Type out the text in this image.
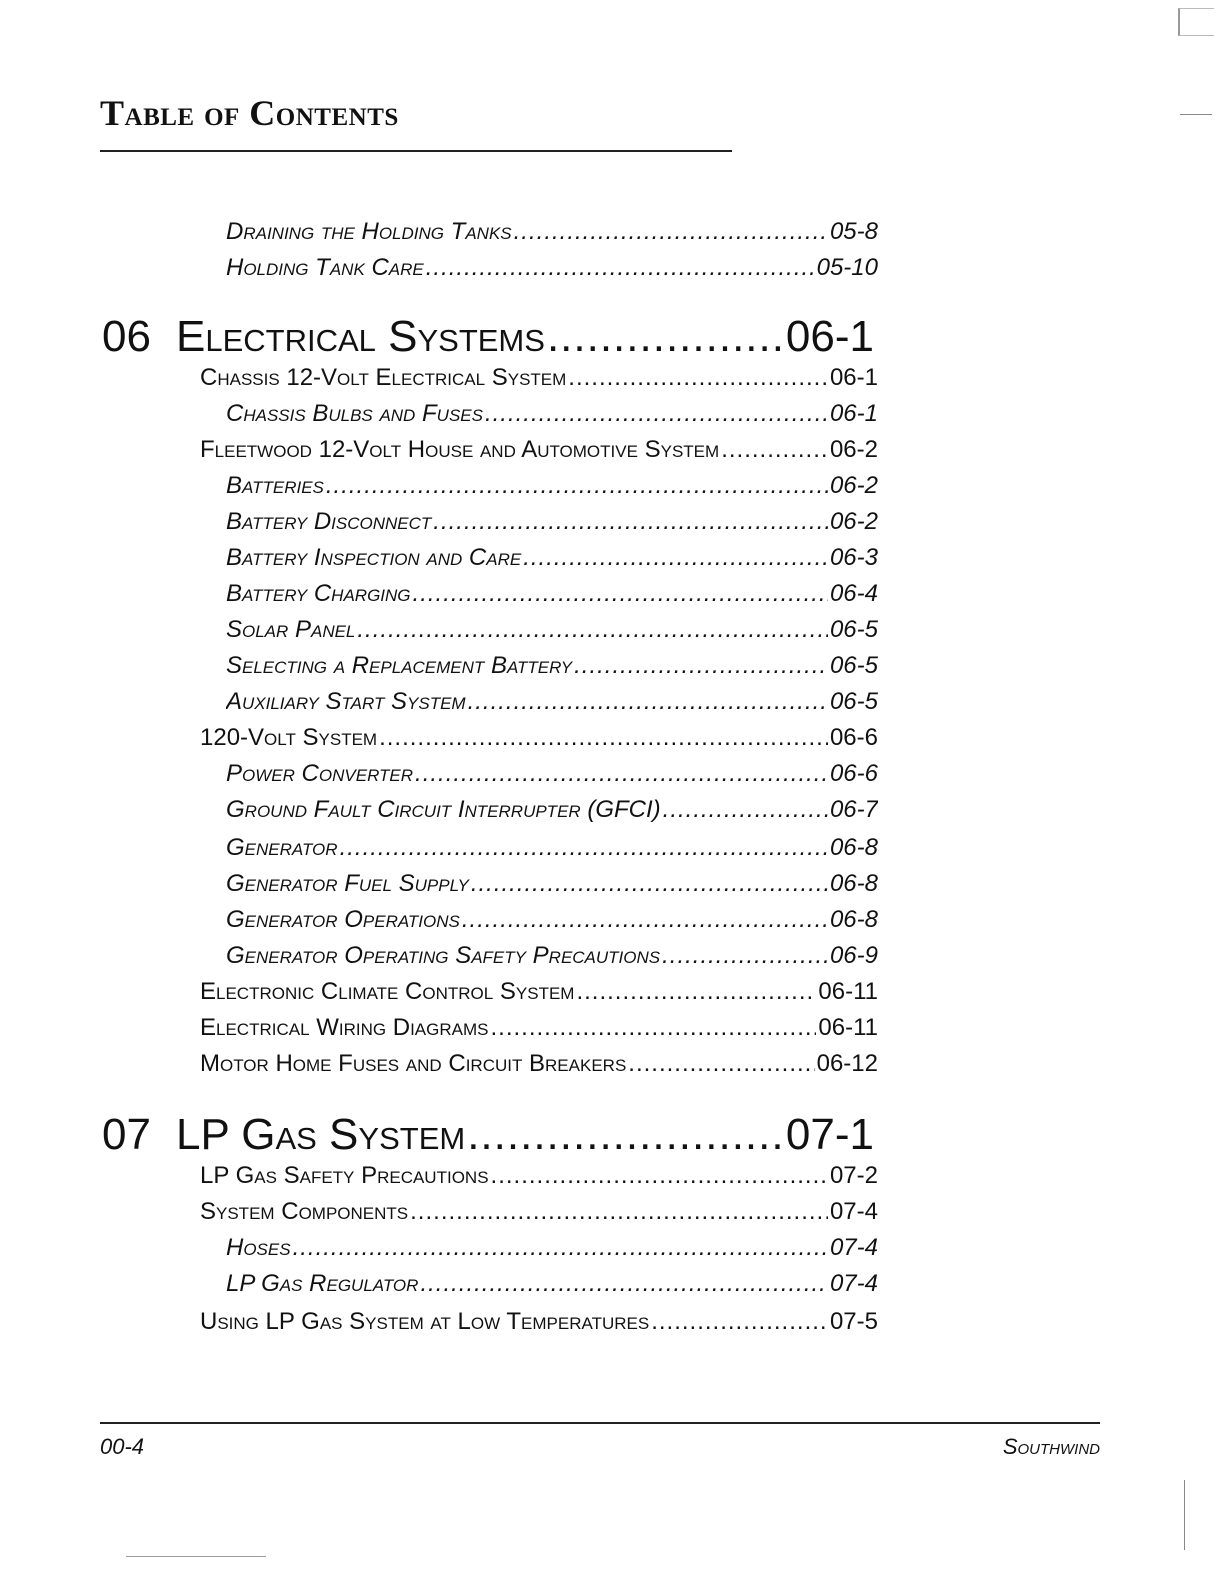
Table of Contents
Draining the Holding Tanks .....	05-8
Holding Tank Care .....	05-10
06 Electrical Systems .....	06-1
Chassis 12-Volt Electrical System .....	06-1
Chassis Bulbs and Fuses .....	06-1
Fleetwood 12-Volt House and Automotive System .....	06-2
Batteries .....	06-2
Battery Disconnect .....	06-2
Battery Inspection and Care .....	06-3
Battery Charging .....	06-4
Solar Panel .....	06-5
Selecting a Replacement Battery .....	06-5
Auxiliary Start System .....	06-5
120-Volt System .....	06-6
Power Converter .....	06-6
Ground Fault Circuit Interrupter (GFCI) .....	06-7
Generator .....	06-8
Generator Fuel Supply .....	06-8
Generator Operations .....	06-8
Generator Operating Safety Precautions .....	06-9
Electronic Climate Control System .....	06-11
Electrical Wiring Diagrams .....	06-11
Motor Home Fuses and Circuit Breakers .....	06-12
07 LP Gas System .....	07-1
LP Gas Safety Precautions .....	07-2
System Components .....	07-4
Hoses .....	07-4
LP Gas Regulator .....	07-4
Using LP Gas System at Low Temperatures .....	07-5
00-4	Southwind
